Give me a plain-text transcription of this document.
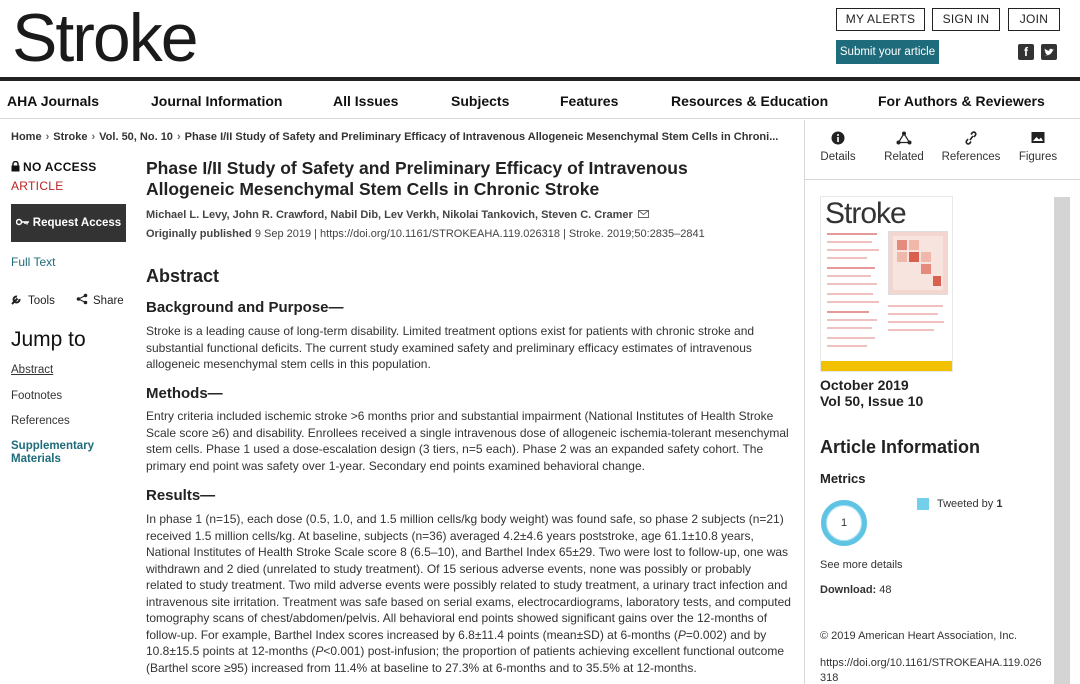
Stroke	MY ALERTS	SIGN IN	JOIN
Submit your article	f
AHA Journals	Journal Information	All Issues	Subjects	Features	Resources & Education	For Authors & Reviewers
Home › Stroke › Vol. 50, No. 10 › Phase I/II Study of Safety and Preliminary Efficacy of Intravenous Allogeneic Mesenchymal Stem Cells in Chroni...
NO ACCESS
ARTICLE
Request Access
Full Text
Tools	Share
Jump to
Abstract
Footnotes
References
Supplementary
Materials
Phase I/II Study of Safety and Preliminary Efficacy of Intravenous
Allogeneic Mesenchymal Stem Cells in Chronic Stroke
Michael L. Levy, John R. Crawford, Nabil Dib, Lev Verkh, Nikolai Tankovich, Steven C. Cramer
Originally published 9 Sep 2019 | https://doi.org/10.1161/STROKEAHA.119.026318 | Stroke. 2019;50:2835–2841
Abstract
Background and Purpose—
Stroke is a leading cause of long-term disability. Limited treatment options exist for patients with chronic stroke and substantial functional deficits. The current study examined safety and preliminary efficacy estimates of intravenous allogeneic mesenchymal stem cells in this population.
Methods—
Entry criteria included ischemic stroke >6 months prior and substantial impairment (National Institutes of Health Stroke Scale score ≥6) and disability. Enrollees received a single intravenous dose of allogeneic ischemia-tolerant mesenchymal stem cells. Phase 1 used a dose-escalation design (3 tiers, n=5 each). Phase 2 was an expanded safety cohort. The primary end point was safety over 1-year. Secondary end points examined behavioral change.
Results—
In phase 1 (n=15), each dose (0.5, 1.0, and 1.5 million cells/kg body weight) was found safe, so phase 2 subjects (n=21) received 1.5 million cells/kg. At baseline, subjects (n=36) averaged 4.2±4.6 years poststroke, age 61.1±10.8 years, National Institutes of Health Stroke Scale score 8 (6.5–10), and Barthel Index 65±29. Two were lost to follow-up, one was withdrawn and 2 died (unrelated to study treatment). Of 15 serious adverse events, none was possibly or probably related to study treatment. Two mild adverse events were possibly related to study treatment, a urinary tract infection and intravenous site irritation. Treatment was safe based on serial exams, electrocardiograms, laboratory tests, and computed tomography scans of chest/abdomen/pelvis. All behavioral end points showed significant gains over the 12-months of follow-up. For example, Barthel Index scores increased by 6.8±11.4 points (mean±SD) at 6-months (P=0.002) and by 10.8±15.5 points at 12-months (P<0.001) post-infusion; the proportion of patients achieving excellent functional outcome (Barthel score ≥95) increased from 11.4% at baseline to 27.3% at 6-months and to 35.5% at 12-months.
Details	Related	References	Figures
Stroke
October 2019
Vol 50, Issue 10
Article Information
Metrics
1
Tweeted by 1
See more details
Download: 48
© 2019 American Heart Association, Inc.
https://doi.org/10.1161/STROKEAHA.119.026318
